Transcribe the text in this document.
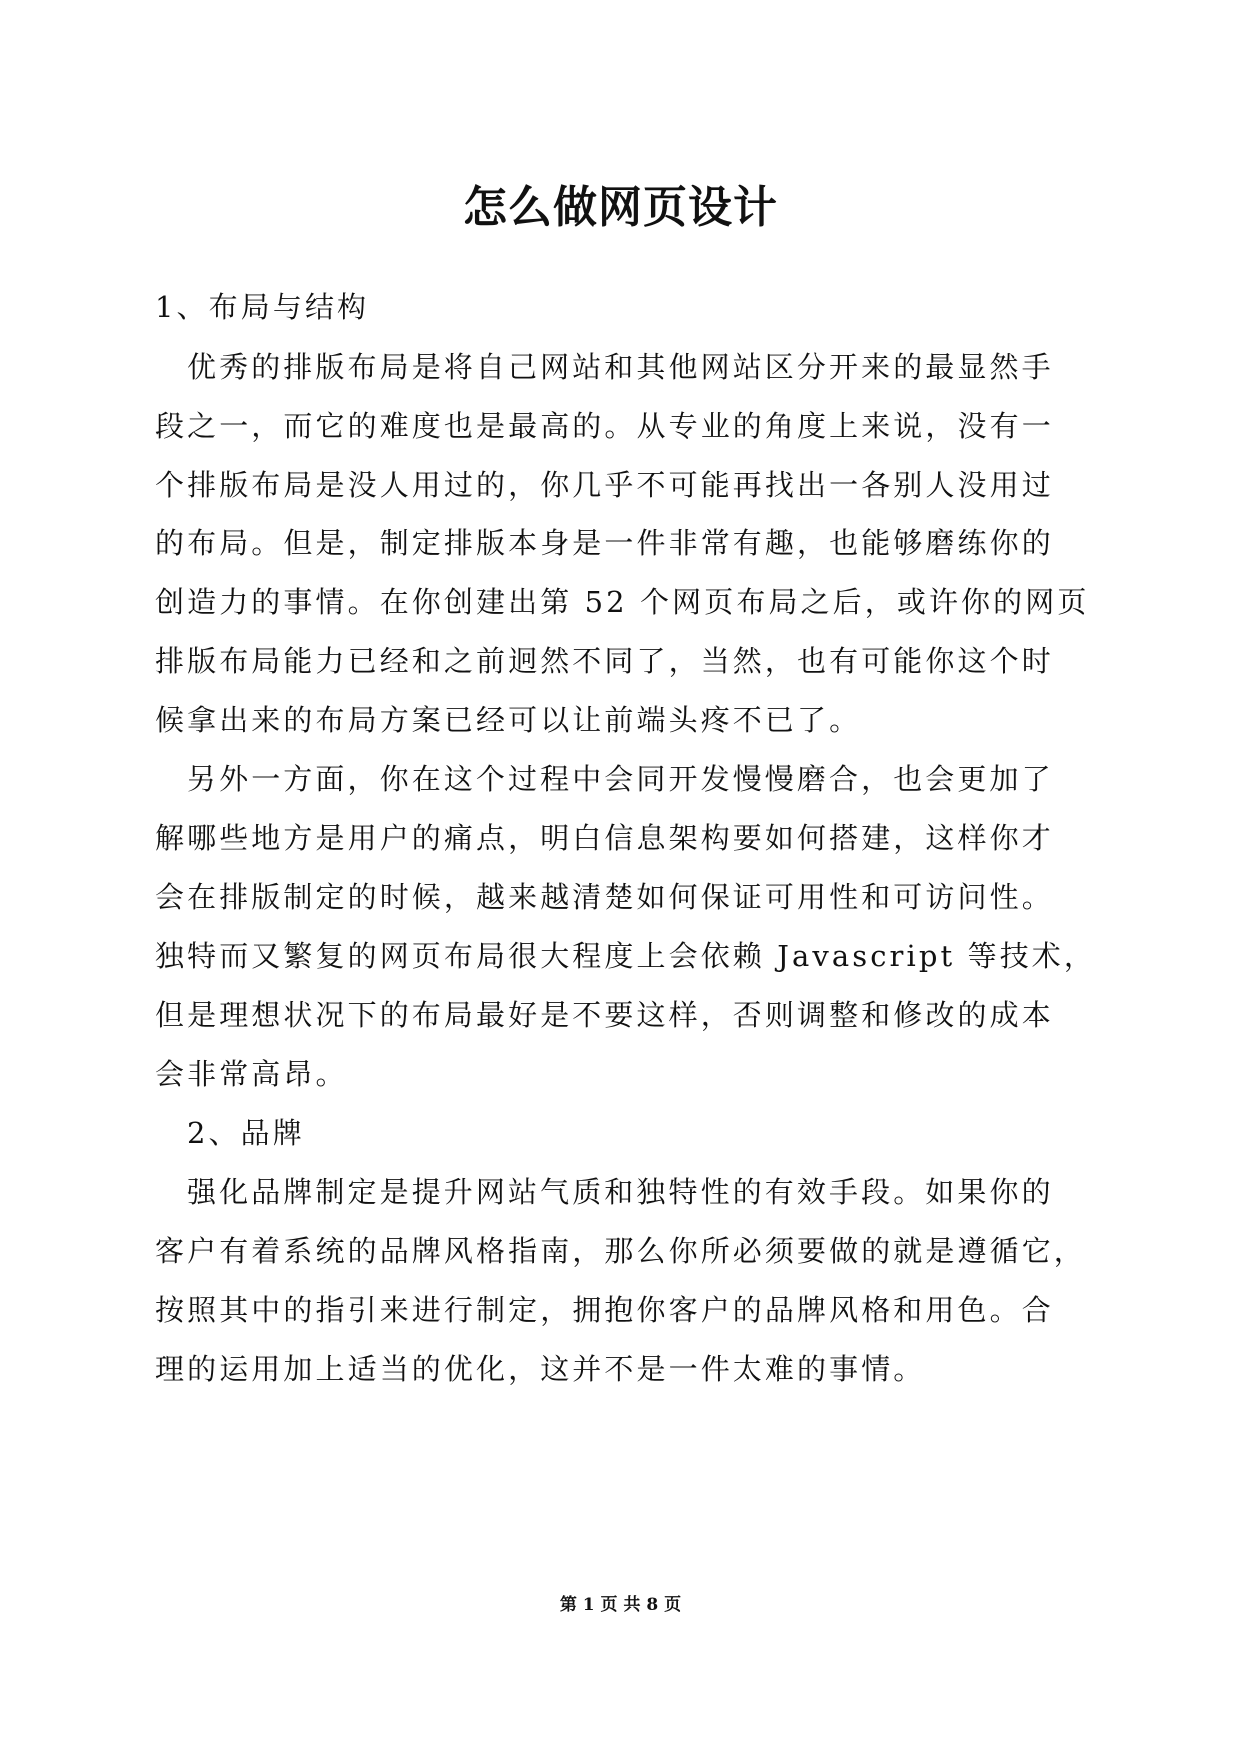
怎么做网页设计

1、布局与结构

优秀的排版布局是将自己网站和其他网站区分开来的最显然手

段之一，而它的难度也是最高的。从专业的角度上来说，没有一

个排版布局是没人用过的，你几乎不可能再找出一各别人没用过

的布局。但是，制定排版本身是一件非常有趣，也能够磨练你的

创造力的事情。在你创建出第 52 个网页布局之后，或许你的网页

排版布局能力已经和之前迥然不同了，当然，也有可能你这个时

候拿出来的布局方案已经可以让前端头疼不已了。

另外一方面，你在这个过程中会同开发慢慢磨合，也会更加了

解哪些地方是用户的痛点，明白信息架构要如何搭建，这样你才

会在排版制定的时候，越来越清楚如何保证可用性和可访问性。

独特而又繁复的网页布局很大程度上会依赖 Javascript 等技术，

但是理想状况下的布局最好是不要这样，否则调整和修改的成本

会非常高昂。

2、品牌

强化品牌制定是提升网站气质和独特性的有效手段。如果你的

客户有着系统的品牌风格指南，那么你所必须要做的就是遵循它，

按照其中的指引来进行制定，拥抱你客户的品牌风格和用色。合

理的运用加上适当的优化，这并不是一件太难的事情。

第 1 页 共 8 页
